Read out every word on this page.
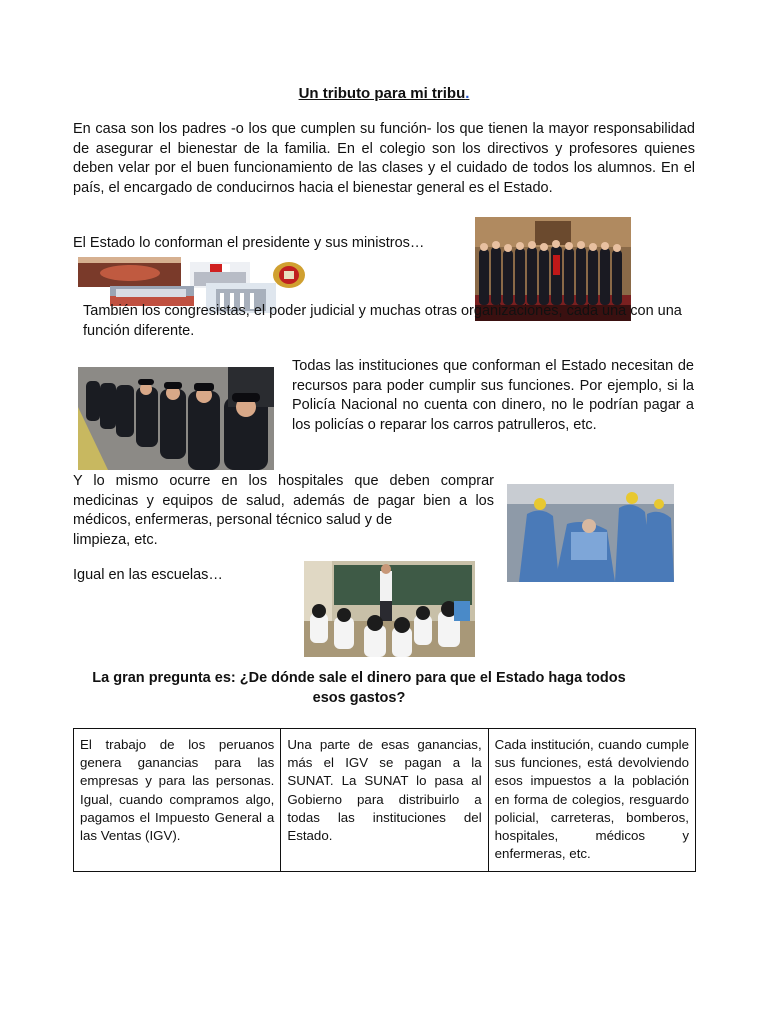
Un tributo para mi tribu.
En casa son los padres -o los que cumplen su función- los que tienen la mayor responsabilidad de asegurar el bienestar de la familia. En el colegio son los directivos y profesores quienes deben velar por el buen funcionamiento de las clases y el cuidado de todos los alumnos. En el país, el encargado de conducirnos hacia el bienestar general es el Estado.
El Estado lo conforman el presidente y sus ministros…
También los congresistas, el poder judicial y muchas otras organizaciones, cada una con una función diferente.
Todas las instituciones que conforman el Estado necesitan de recursos para poder cumplir sus funciones. Por ejemplo, si la Policía Nacional no cuenta con dinero, no le podrían pagar a los policías o reparar los carros patrulleros, etc.
Y lo mismo ocurre en los hospitales que deben comprar medicinas y equipos de salud, además de pagar bien a los médicos, enfermeras, personal técnico salud y de
limpieza, etc.
Igual en las escuelas…
La gran pregunta es: ¿De dónde sale el dinero para que el Estado haga todos
esos gastos?
El trabajo de los peruanos genera ganancias para las empresas y para las personas. Igual, cuando compramos algo, pagamos el Impuesto General a las Ventas (IGV).	Una parte de esas ganancias, más el IGV se pagan a la SUNAT. La SUNAT lo pasa al Gobierno para distribuirlo a todas las instituciones del Estado.	Cada institución, cuando cumple sus funciones, está devolviendo esos impuestos a la población en forma de colegios, resguardo policial, carreteras, bomberos, hospitales, médicos y enfermeras, etc.
